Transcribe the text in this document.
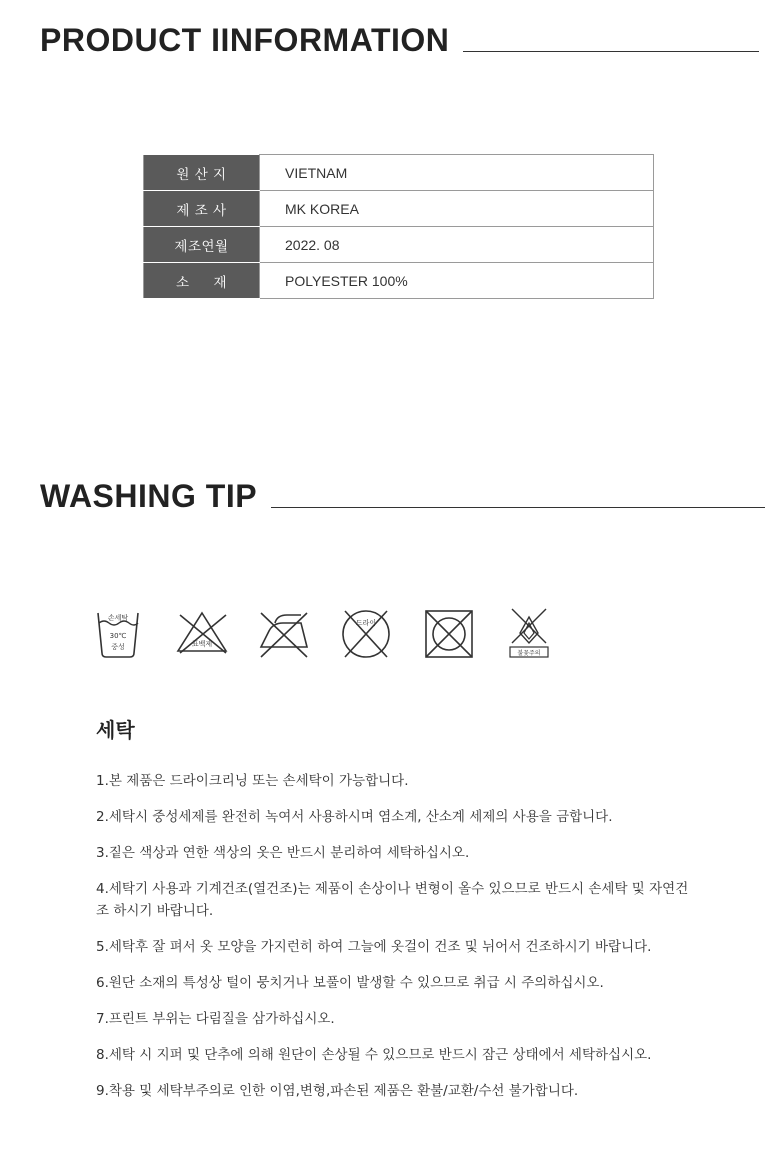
PRODUCT IINFORMATION
원 산 지	VIETNAM
제 조 사	MK KOREA
제조연월	2022. 08
소     재	POLYESTER 100%
WASHING TIP
손세탁
30℃
중성	표백제
드라이
불꽃주의
세탁
1.본 제품은 드라이크리닝 또는 손세탁이 가능합니다.
2.세탁시 중성세제를 완전히 녹여서 사용하시며 염소계, 산소계 세제의 사용을 금합니다.
3.짙은 색상과 연한 색상의 옷은 반드시 분리하여 세탁하십시오.
4.세탁기 사용과 기계건조(열건조)는 제품이 손상이나 변형이 올수 있으므로 반드시 손세탁 및 자연건조 하시기 바랍니다.
5.세탁후 잘 펴서 옷 모양을 가지런히 하여 그늘에 옷걸이 건조 및 뉘어서 건조하시기 바랍니다.
6.원단 소재의 특성상 털이 뭉치거나 보풀이 발생할 수 있으므로 취급 시 주의하십시오.
7.프린트 부위는 다림질을 삼가하십시오.
8.세탁 시 지퍼 및 단추에 의해 원단이 손상될 수 있으므로 반드시 잠근 상태에서 세탁하십시오.
9.착용 및 세탁부주의로 인한 이염,변형,파손된 제품은 환불/교환/수선 불가합니다.
